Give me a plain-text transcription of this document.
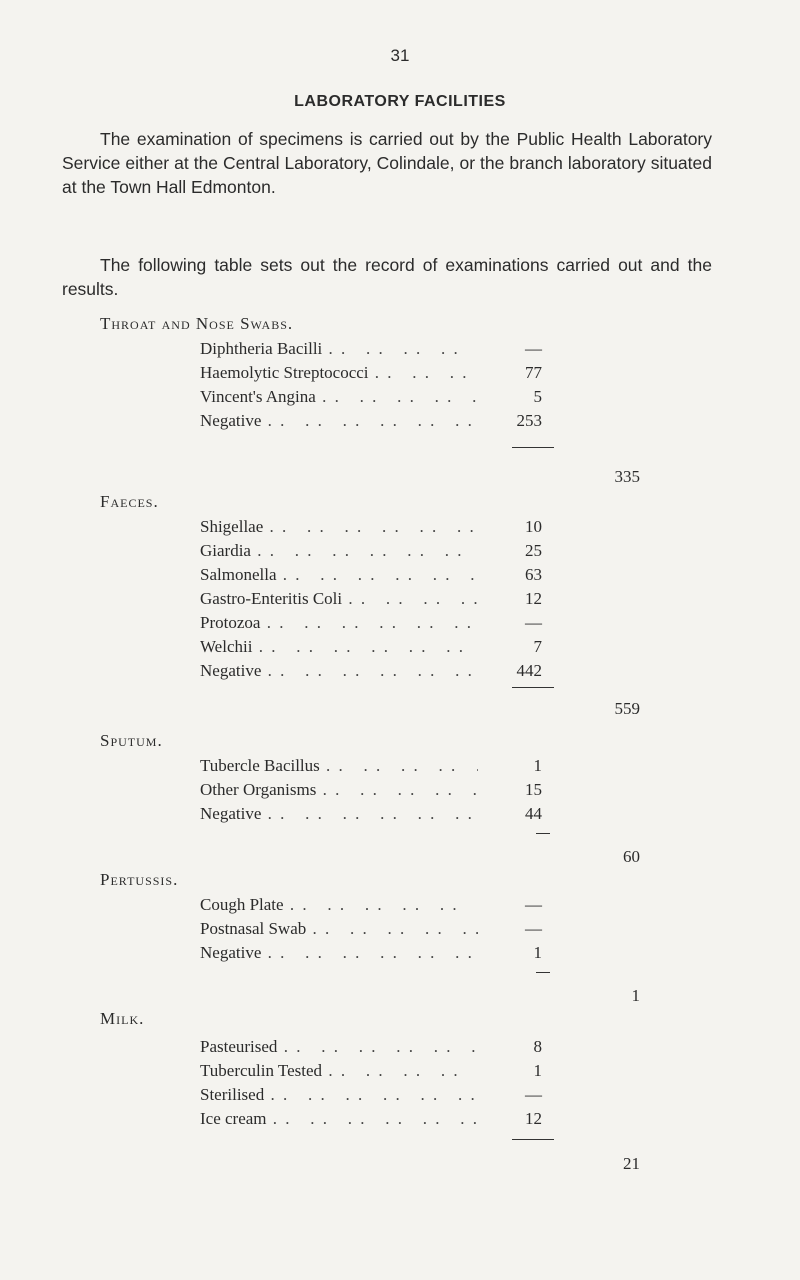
31
LABORATORY FACILITIES

The examination of specimens is carried out by the Public Health Laboratory Service either at the Central Laboratory, Colindale, or the branch laboratory situated at the Town Hall Edmonton.

The following table sets out the record of examinations carried out and the results.

Throat and Nose Swabs.
Diphtheria Bacilli . .	—
Haemolytic Streptococci . .	77
Vincent's Angina . .	5
Negative . .	253
335
Faeces.
Shigellae . .	10
Giardia . .	25
Salmonella . .	63
Gastro-Enteritis Coli . .	12
Protozoa . .	—
Welchii . .	7
Negative . .	442
559
Sputum.
Tubercle Bacillus . .	1
Other Organisms . .	15
Negative . .	44
60
Pertussis.
Cough Plate . .	—
Postnasal Swab . .	—
Negative . .	1
1
Milk.
Pasteurised . .	8
Tuberculin Tested . .	1
Sterilised . .	—
Ice cream . .	12
21
